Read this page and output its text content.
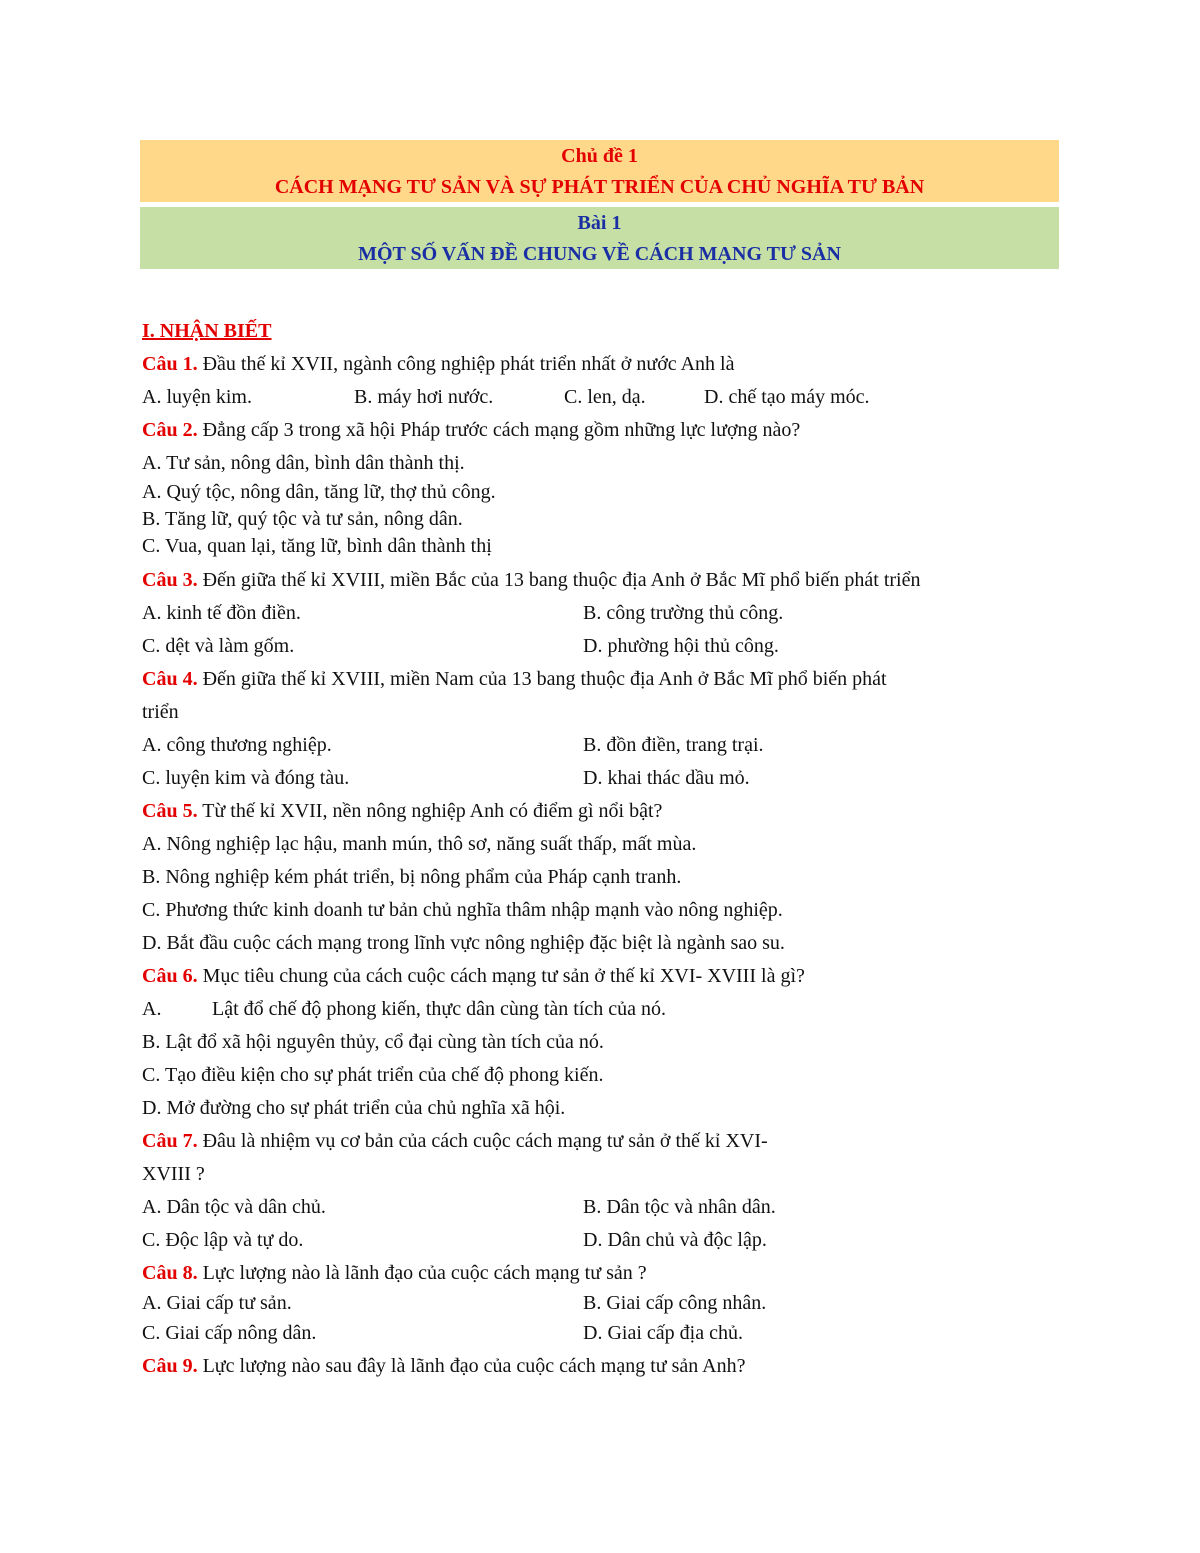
Chủ đề 1
CÁCH MẠNG TƯ SẢN VÀ SỰ PHÁT TRIỂN CỦA CHỦ NGHĨA TƯ BẢN
Bài 1
MỘT SỐ VẤN ĐỀ CHUNG VỀ CÁCH MẠNG TƯ SẢN
I. NHẬN BIẾT
Câu 1. Đầu thế kỉ XVII, ngành công nghiệp phát triển nhất ở nước Anh là
A. luyện kim.	B. máy hơi nước.	C. len, dạ.	D. chế tạo máy móc.
Câu 2. Đẳng cấp 3 trong xã hội Pháp trước cách mạng gồm những lực lượng nào?
A. Tư sản, nông dân, bình dân thành thị.
A. Quý tộc, nông dân, tăng lữ, thợ thủ công.
B. Tăng lữ, quý tộc và tư sản, nông dân.
C. Vua, quan lại, tăng lữ, bình dân thành thị
Câu 3. Đến giữa thế kỉ XVIII, miền Bắc của 13 bang thuộc địa Anh ở Bắc Mĩ phổ biến phát triển
A. kinh tế đồn điền.	B. công trường thủ công.
C. dệt và làm gốm.	D. phường hội thủ công.
Câu 4. Đến giữa thế kỉ XVIII, miền Nam của 13 bang thuộc địa Anh ở Bắc Mĩ phổ biến phát
triển
A. công thương nghiệp.	B. đồn điền, trang trại.
C. luyện kim và đóng tàu.	D. khai thác dầu mỏ.
Câu 5. Từ thế kỉ XVII, nền nông nghiệp Anh có điểm gì nổi bật?
A. Nông nghiệp lạc hậu, manh mún, thô sơ, năng suất thấp, mất mùa.
B. Nông nghiệp kém phát triển, bị nông phẩm của Pháp cạnh tranh.
C. Phương thức kinh doanh tư bản chủ nghĩa thâm nhập mạnh vào nông nghiệp.
D. Bắt đầu cuộc cách mạng trong lĩnh vực nông nghiệp đặc biệt là ngành sao su.
Câu 6. Mục tiêu chung của cách cuộc cách mạng tư sản ở thế kỉ XVI- XVIII là gì?
A.	Lật đổ chế độ phong kiến, thực dân cùng tàn tích của nó.
B. Lật đổ xã hội nguyên thủy, cổ đại cùng tàn tích của nó.
C. Tạo điều kiện cho sự phát triển của chế độ phong kiến.
D. Mở đường cho sự phát triển của chủ nghĩa xã hội.
Câu 7. Đâu là nhiệm vụ cơ bản của cách cuộc cách mạng tư sản ở thế kỉ XVI-
XVIII ?
A. Dân tộc và dân chủ.	B. Dân tộc và nhân dân.
C. Độc lập và tự do.	D. Dân chủ và độc lập.
Câu 8. Lực lượng nào là lãnh đạo của cuộc cách mạng tư sản ?
A. Giai cấp tư sản.	B. Giai cấp công nhân.
C. Giai cấp nông dân.	D. Giai cấp địa chủ.
Câu 9. Lực lượng nào sau đây là lãnh đạo của cuộc cách mạng tư sản Anh?
